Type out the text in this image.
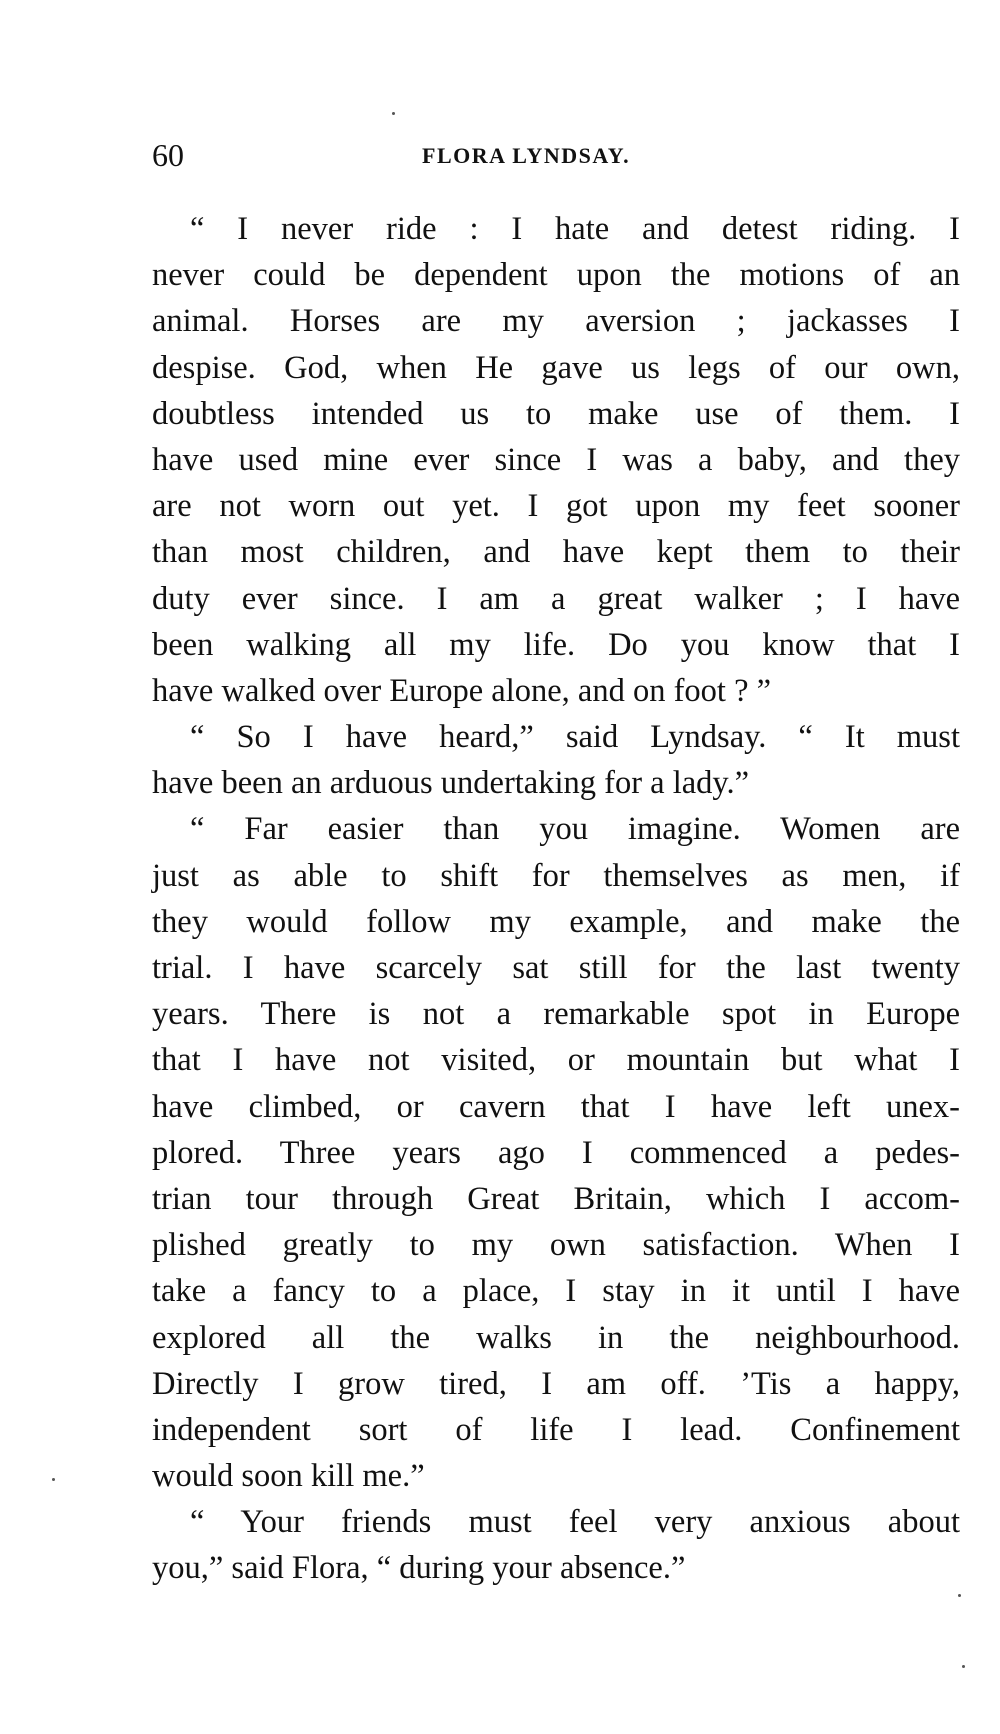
60	FLORA LYNDSAY.
“ I never ride : I hate and detest riding. I
never could be dependent upon the motions of an
animal. Horses are my aversion ; jackasses I
despise. God, when He gave us legs of our own,
doubtless intended us to make use of them. I
have used mine ever since I was a baby, and they
are not worn out yet. I got upon my feet sooner
than most children, and have kept them to their
duty ever since. I am a great walker ; I have
been walking all my life. Do you know that I
have walked over Europe alone, and on foot ? ”
“ So I have heard,” said Lyndsay. “ It must
have been an arduous undertaking for a lady.”
“ Far easier than you imagine. Women are
just as able to shift for themselves as men, if
they would follow my example, and make the
trial. I have scarcely sat still for the last twenty
years. There is not a remarkable spot in Europe
that I have not visited, or mountain but what I
have climbed, or cavern that I have left unex-
plored. Three years ago I commenced a pedes-
trian tour through Great Britain, which I accom-
plished greatly to my own satisfaction. When I
take a fancy to a place, I stay in it until I have
explored all the walks in the neighbourhood.
Directly I grow tired, I am off. ’Tis a happy,
independent sort of life I lead. Confinement
would soon kill me.”
“ Your friends must feel very anxious about
you,” said Flora, “ during your absence.”
